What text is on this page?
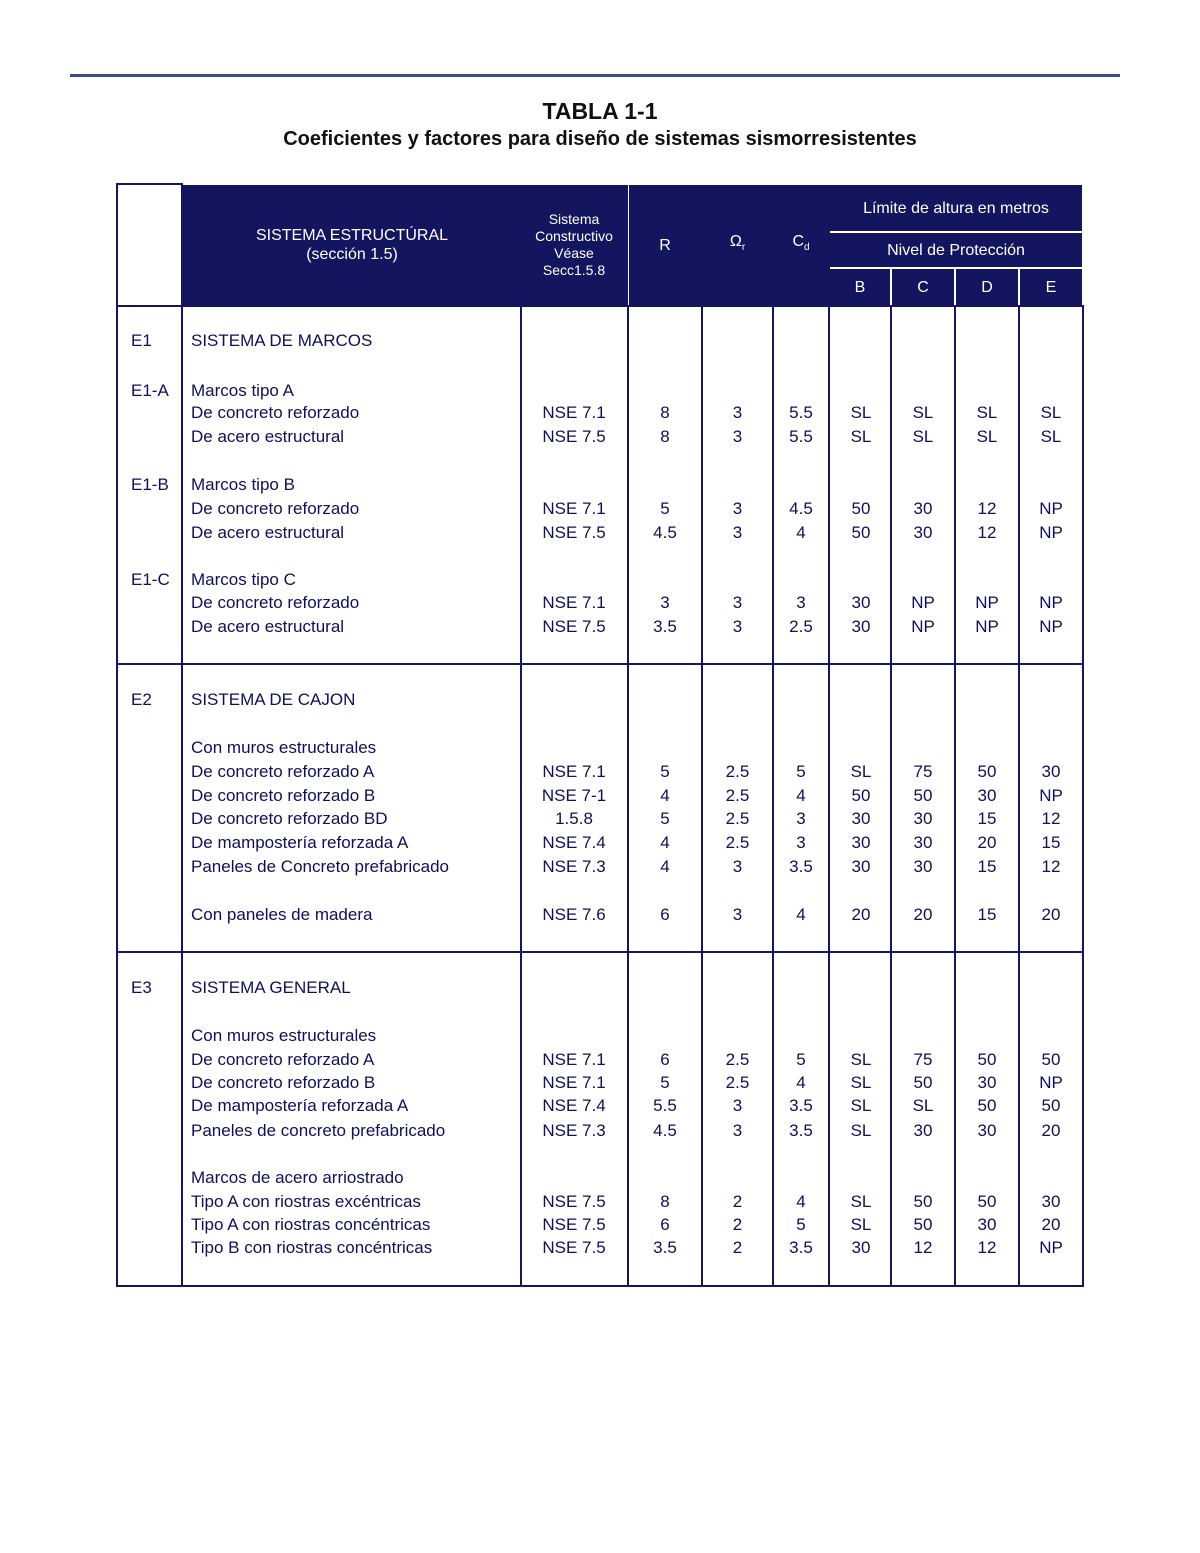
TABLA 1-1
Coeficientes y factores para diseño de sistemas sismorresistentes
SISTEMA ESTRUCTÚRAL
(sección 1.5)
Sistema
Constructivo
Véase
Secc1.5.8
R	$\Omega_r$	$C_d$
Límite de altura en metros
Nivel de Protección
B	C	D	E
E1 SISTEMA DE MARCOS
E1-A Marcos tipo A
De concreto reforzado	NSE 7.1	8	3	5.5	SL	SL	SL	SL
De acero estructural	NSE 7.5	8	3	5.5	SL	SL	SL	SL
E1-B Marcos tipo B
De concreto reforzado	NSE 7.1	5	3	4.5	50	30	12	NP
De acero estructural	NSE 7.5	4.5	3	4	50	30	12	NP
E1-C Marcos tipo C
De concreto reforzado	NSE 7.1	3	3	3	30	NP	NP	NP
De acero estructural	NSE 7.5	3.5	3	2.5	30	NP	NP	NP
E2 SISTEMA DE CAJON
Con muros estructurales
De concreto reforzado A	NSE 7.1	5	2.5	5	SL	75	50	30
De concreto reforzado B	NSE 7-1	4	2.5	4	50	50	30	NP
De concreto reforzado BD	1.5.8	5	2.5	3	30	30	15	12
De mampostería reforzada A	NSE 7.4	4	2.5	3	30	30	20	15
Paneles de Concreto prefabricado	NSE 7.3	4	3	3.5	30	30	15	12
Con paneles de madera	NSE 7.6	6	3	4	20	20	15	20
E3 SISTEMA GENERAL
Con muros estructurales
De concreto reforzado A	NSE 7.1	6	2.5	5	SL	75	50	50
De concreto reforzado B	NSE 7.1	5	2.5	4	SL	50	30	NP
De mampostería reforzada A	NSE 7.4	5.5	3	3.5	SL	SL	50	50
Paneles de concreto prefabricado	NSE 7.3	4.5	3	3.5	SL	30	30	20
Marcos de acero arriostrado
Tipo A con riostras excéntricas	NSE 7.5	8	2	4	SL	50	50	30
Tipo A con riostras concéntricas	NSE 7.5	6	2	5	SL	50	30	20
Tipo B con riostras concéntricas	NSE 7.5	3.5	2	3.5	30	12	12	NP
